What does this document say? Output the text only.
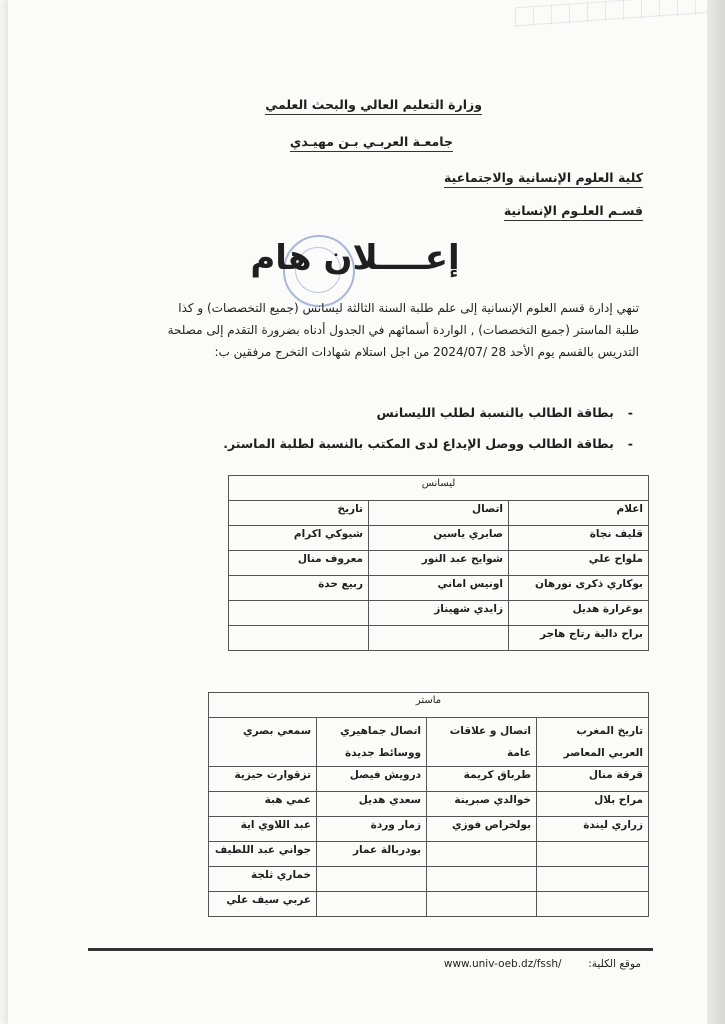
وزارة التعليم العالي والبحث العلمي
جامعـة العربـي بـن مهيـدي
كلية العلوم الإنسانية والاجتماعية
قسـم العلـوم الإنسانية
إعــــلان هام
تنهي إدارة قسم العلوم الإنسانية إلى علم طلبة السنة الثالثة ليسانس (جميع التخصصات) و كذا
طلبة الماستر (جميع التخصصات) , الواردة أسمائهم في الجدول أدناه بضرورة التقدم إلى مصلحة
التدريس بالقسم يوم الأحد 28 /2024/07 من اجل استلام شهادات التخرج مرفقين ب:
-بطاقة الطالب بالنسبة لطلب الليسانس
-بطاقة الطالب ووصل الإيداع لدى المكتب بالنسبة لطلبة الماستر.
ليسانس		
اعلام	اتصال	تاريخ
قليف نجاة	صابري ياسين	شيوكي اكرام
ملواح علي	شوايح عبد النور	معروف منال
بوكاري ذكرى نورهان	اونيس اماني	ربيع حدة
بوغرارة هديل	زايدي شهيناز	
براح دالية رتاج هاجر		
ماستر			
تاريخ المغرب العربي المعاصر	اتصال و علاقات عامة	اتصال جماهيري ووسائط جديدة	سمعي بصري
قرقة منال	طرباق كريمة	درويش فيصل	تزقوارت حيزية
مراح بلال	خوالدي صبرينة	سعدي هديل	عمي هبة
زراري ليندة	بولخراص فوزي	زمار وردة	عبد اللاوي اية
		بودربالة عمار	جواني عبد اللطيف
			خماري ثلجة
			عربي سيف علي
موقع الكلية:  www.univ-oeb.dz/fssh/
